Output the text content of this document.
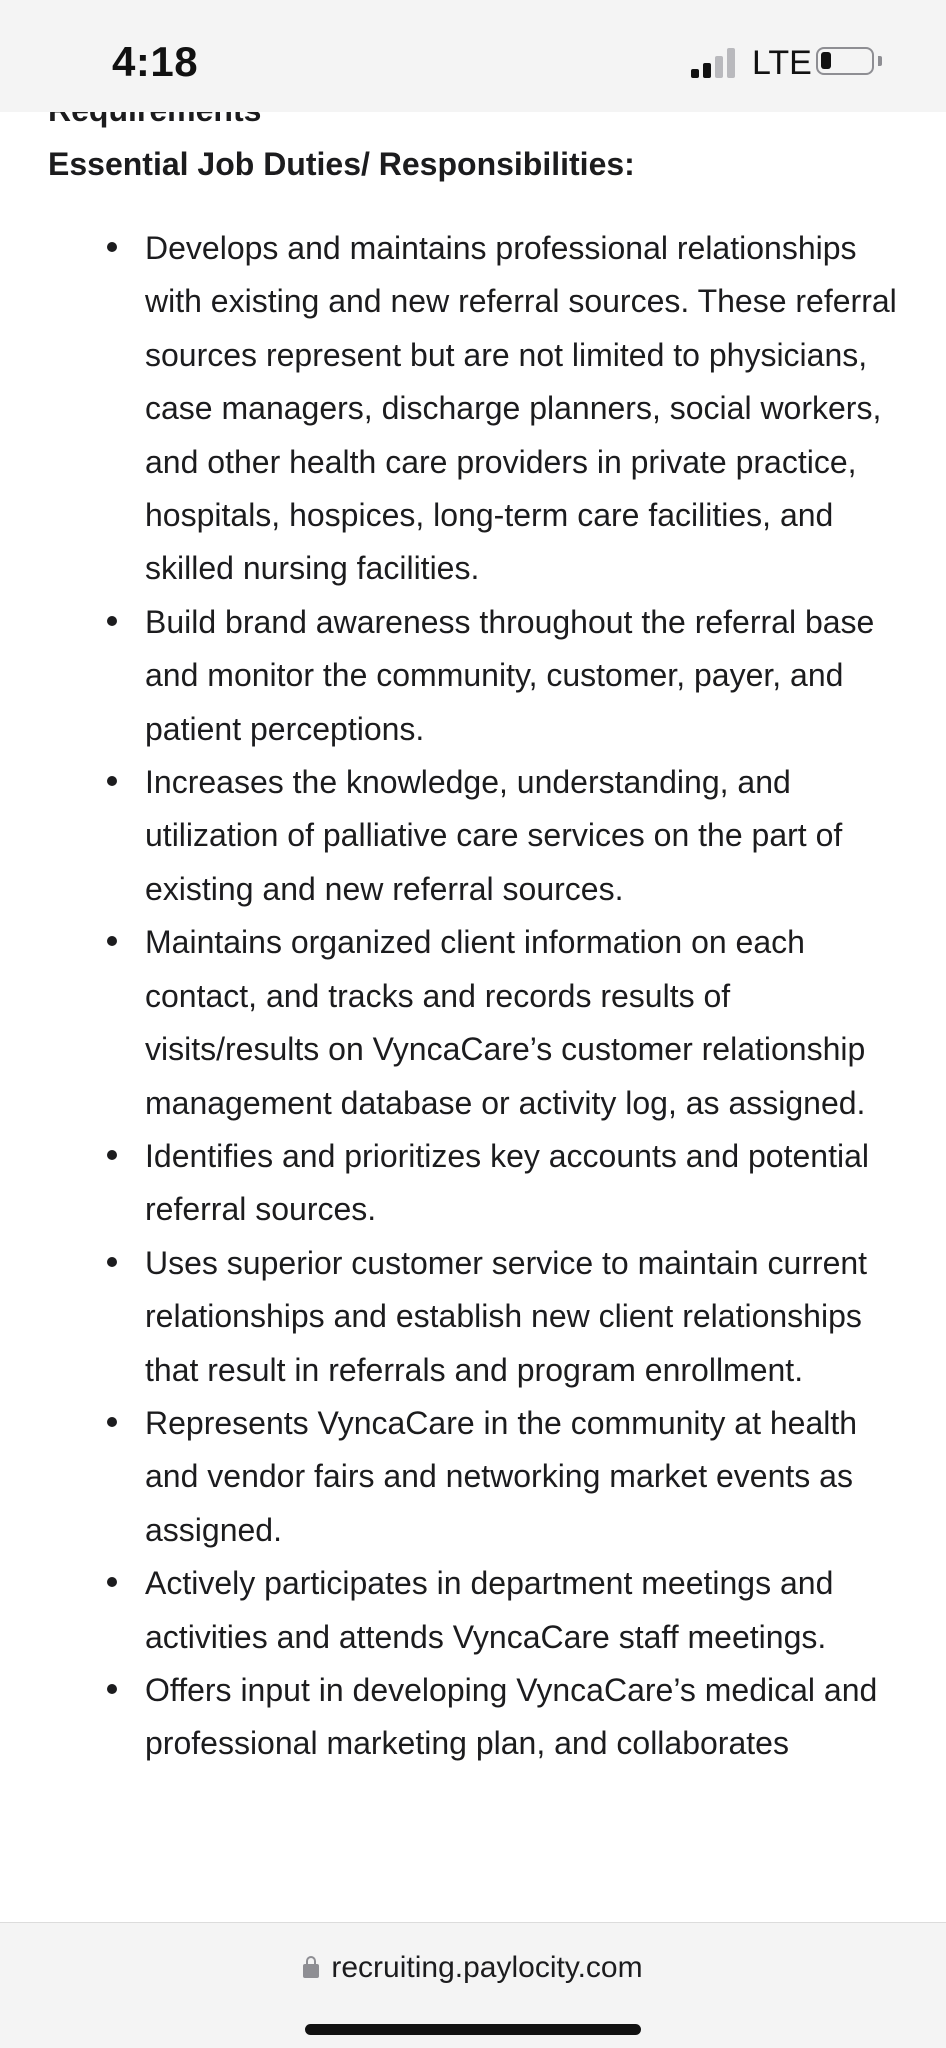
Essential Job Duties/ Responsibilities:
Develops and maintains professional relationships with existing and new referral sources. These referral sources represent but are not limited to physicians, case managers, discharge planners, social workers, and other health care providers in private practice, hospitals, hospices, long-term care facilities, and skilled nursing facilities.
Build brand awareness throughout the referral base and monitor the community, customer, payer, and patient perceptions.
Increases the knowledge, understanding, and utilization of palliative care services on the part of existing and new referral sources.
Maintains organized client information on each contact, and tracks and records results of visits/results on VyncaCare’s customer relationship management database or activity log, as assigned.
Identifies and prioritizes key accounts and potential referral sources.
Uses superior customer service to maintain current relationships and establish new client relationships that result in referrals and program enrollment.
Represents VyncaCare in the community at health and vendor fairs and networking market events as assigned.
Actively participates in department meetings and activities and attends VyncaCare staff meetings.
Offers input in developing VyncaCare’s medical and professional marketing plan, and collaborates
4:18	LTE
recruiting.paylocity.com
